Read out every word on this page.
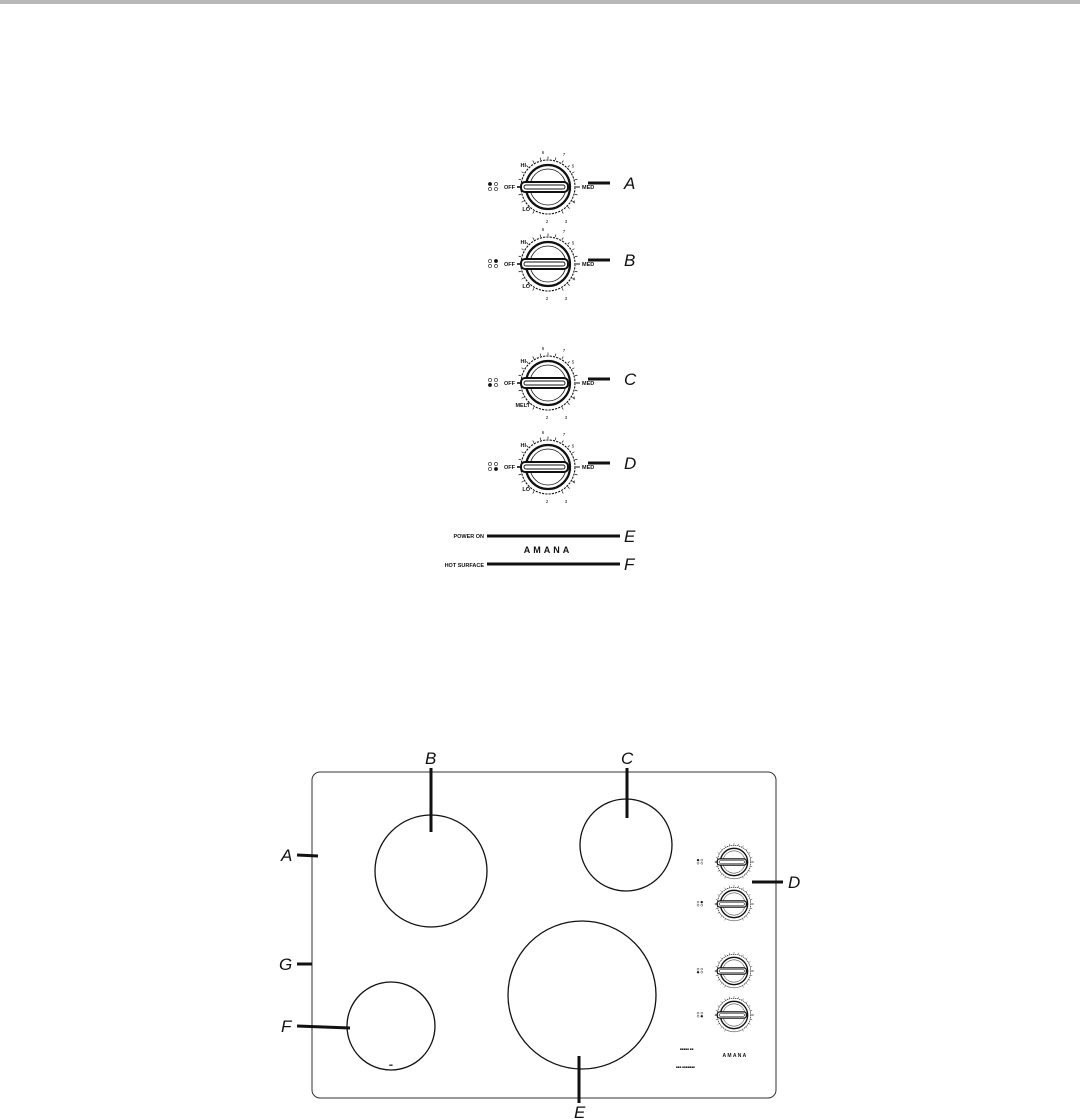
OFF	MED
HI
LO
6	7
5
4
3
2
A
OFF	MED
HI
LO
6	7
5
4
3
2
B
OFF	MED
HI
MELT
6	7
5
4
3
2
C
OFF	MED
HI
LO
6	7
5
4
3
2
D
POWER ON	E
AMANA
HOT SURFACE	F
■■
B	C
A
G
F
E
D
■■■■■ ■■
■■■ ■■■■■■■
AMANA
